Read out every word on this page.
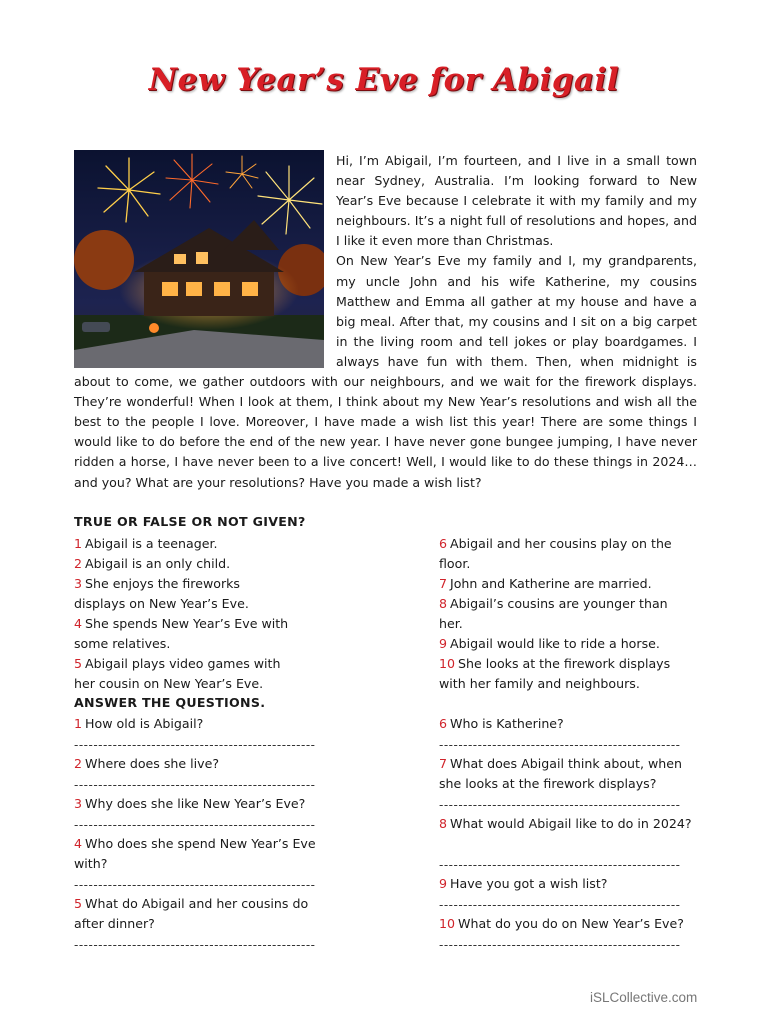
New Year’s Eve for Abigail

Hi, I’m Abigail, I’m fourteen, and I live in a small town near Sydney, Australia. I’m looking forward to New Year’s Eve because I celebrate it with my family and my neighbours. It’s a night full of resolutions and hopes, and I like it even more than Christmas.

On New Year’s Eve my family and I, my grandparents, my uncle John and his wife Katherine, my cousins Matthew and Emma all gather at my house and have a big meal. After that, my cousins and I sit on a big carpet in the living room and tell jokes or play boardgames. I always have fun with them. Then, when midnight is about to come, we gather outdoors with our neighbours, and we wait for the firework displays. They’re wonderful! When I look at them, I think about my New Year’s resolutions and wish all the best to the people I love. Moreover, I have made a wish list this year! There are some things I would like to do before the end of the new year. I have never gone bungee jumping, I have never ridden a horse, I have never been to a live concert! Well, I would like to do these things in 2024… and you? What are your resolutions? Have you made a wish list?

TRUE OR FALSE OR NOT GIVEN?
1 Abigail is a teenager.
2 Abigail is an only child.
3 She enjoys the fireworks displays on New Year’s Eve.
4 She spends New Year’s Eve with some relatives.
5 Abigail plays video games with her cousin on New Year’s Eve.
6 Abigail and her cousins play on the floor.
7 John and Katherine are married.
8 Abigail’s cousins are younger than her.
9 Abigail would like to ride a horse.
10 She looks at the firework displays with her family and neighbours.
ANSWER THE QUESTIONS.
1 How old is Abigail?
--------------------------------------------------
2 Where does she live?
--------------------------------------------------
3 Why does she like New Year’s Eve?
--------------------------------------------------
4 Who does she spend New Year’s Eve with?
--------------------------------------------------
5 What do Abigail and her cousins do after dinner?
--------------------------------------------------
6 Who is Katherine?
--------------------------------------------------
7 What does Abigail think about, when she looks at the firework displays?
--------------------------------------------------
8 What would Abigail like to do in 2024?
--------------------------------------------------
9 Have you got a wish list?
--------------------------------------------------
10 What do you do on New Year’s Eve?
--------------------------------------------------
iSLCollective.com
